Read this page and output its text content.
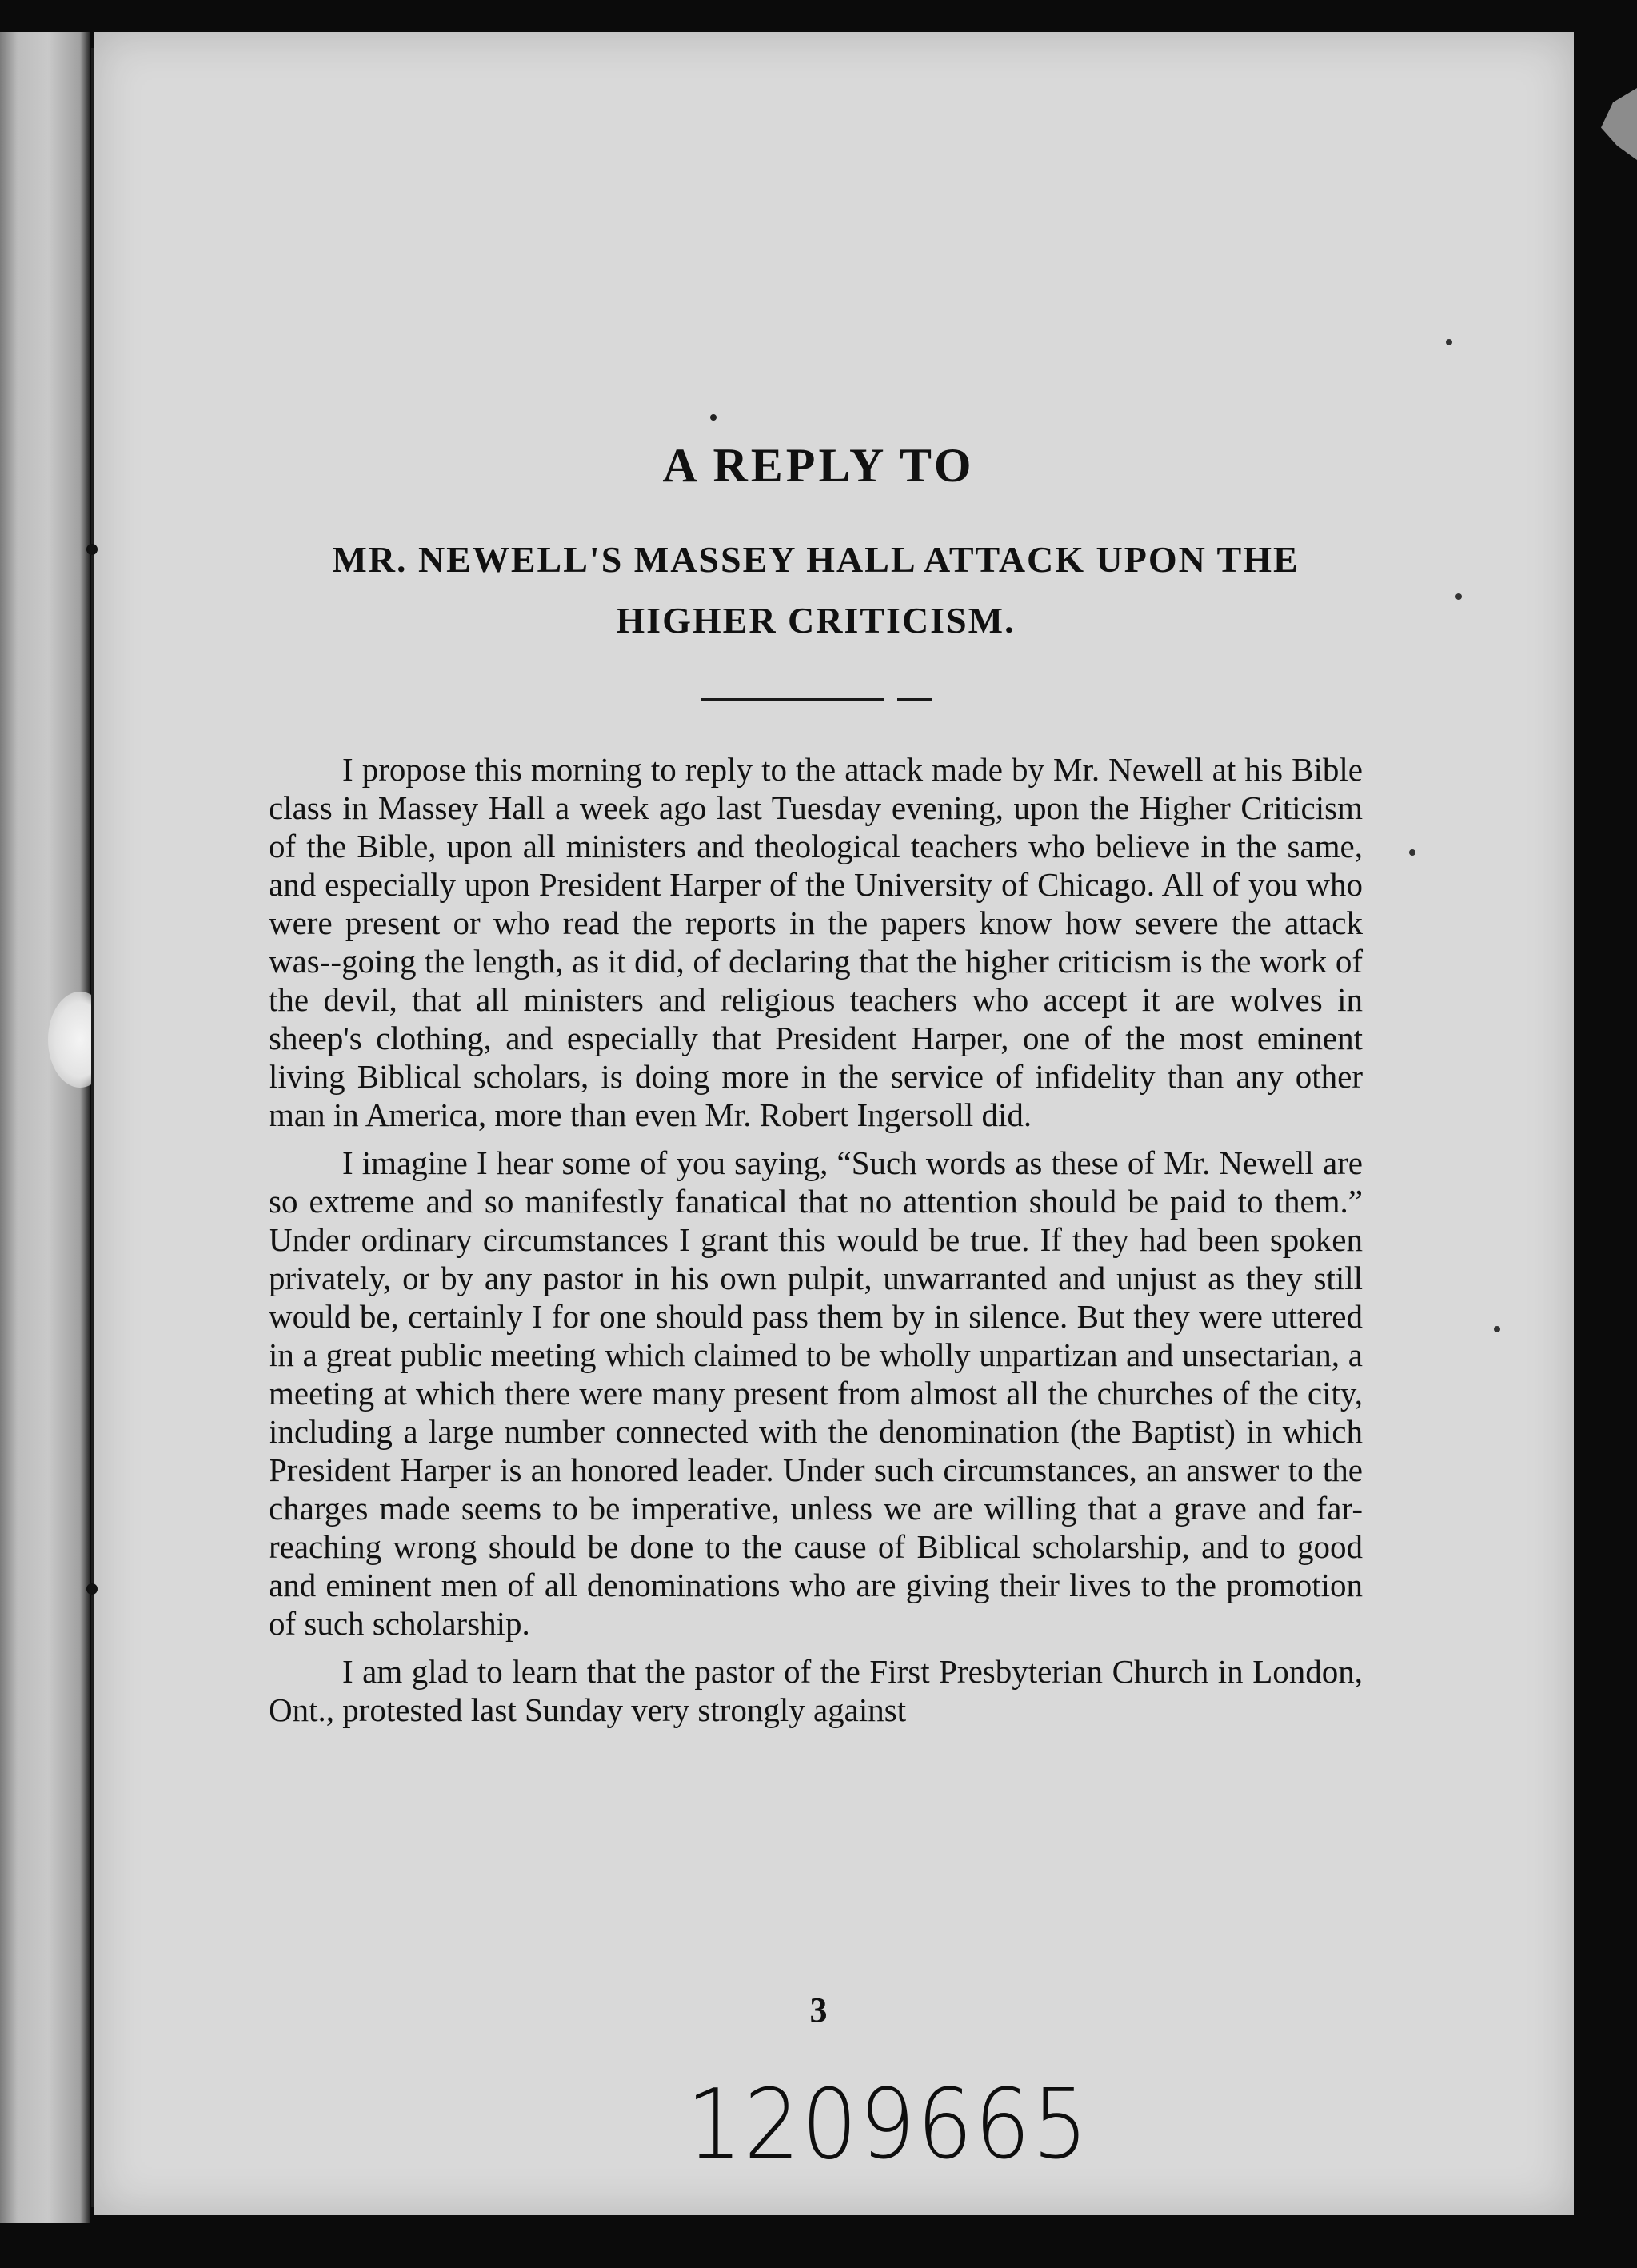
A REPLY TO
MR. NEWELL'S MASSEY HALL ATTACK UPON THE
HIGHER CRITICISM.

I propose this morning to reply to the attack made by Mr. Newell at his Bible class in Massey Hall a week ago last Tuesday evening, upon the Higher Criticism of the Bible, upon all ministers and theological teachers who believe in the same, and especially upon President Harper of the University of Chicago. All of you who were present or who read the reports in the papers know how severe the attack was--going the length, as it did, of declaring that the higher criticism is the work of the devil, that all ministers and religious teachers who accept it are wolves in sheep's clothing, and especially that President Harper, one of the most eminent living Biblical scholars, is doing more in the service of infidelity than any other man in America, more than even Mr. Robert Ingersoll did.

I imagine I hear some of you saying, “Such words as these of Mr. Newell are so extreme and so manifestly fanatical that no attention should be paid to them.” Under ordinary circumstances I grant this would be true. If they had been spoken privately, or by any pastor in his own pulpit, unwarranted and unjust as they still would be, certainly I for one should pass them by in silence. But they were uttered in a great public meeting which claimed to be wholly unpartizan and unsectarian, a meeting at which there were many present from almost all the churches of the city, including a large number connected with the denomination (the Baptist) in which President Harper is an honored leader. Under such circumstances, an answer to the charges made seems to be imperative, unless we are willing that a grave and far-reaching wrong should be done to the cause of Biblical scholarship, and to good and eminent men of all denominations who are giving their lives to the promotion of such scholarship.

I am glad to learn that the pastor of the First Presbyterian Church in London, Ont., protested last Sunday very strongly against

3
1209665
